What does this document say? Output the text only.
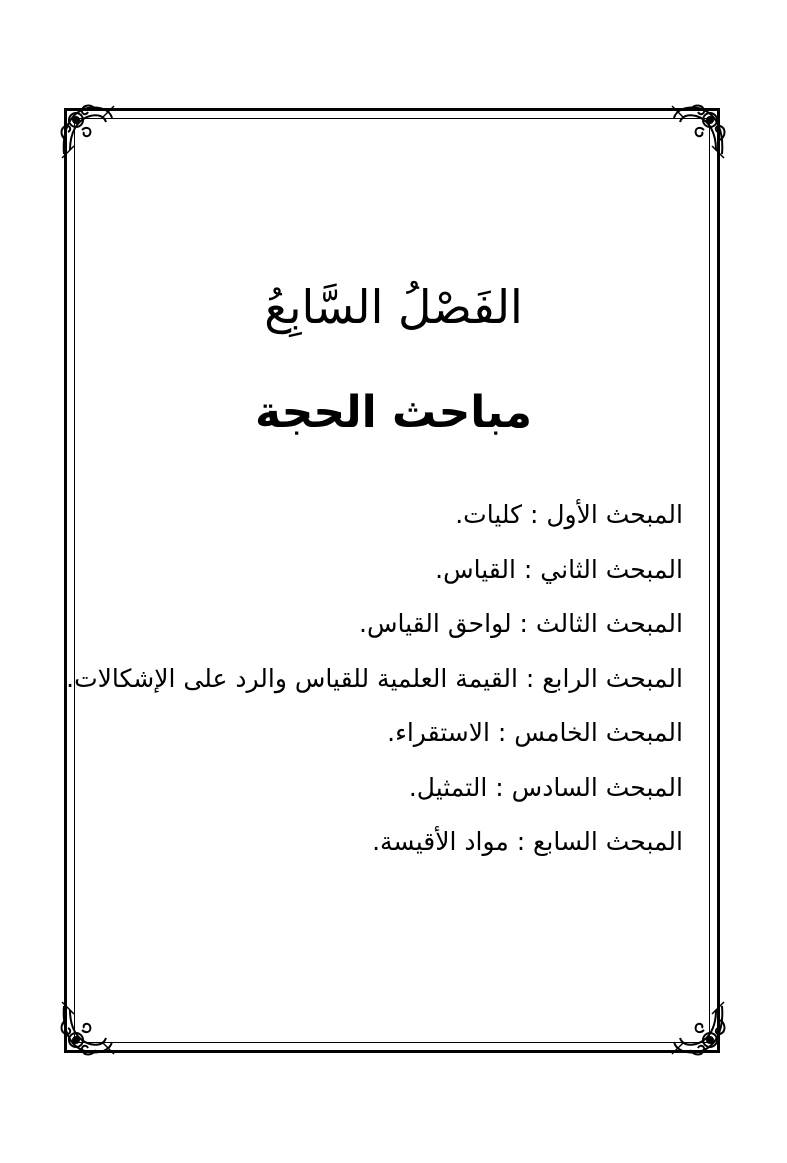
الفَصْلُ السَّابِعُ
مباحث الحجة
المبحث الأول : كليات.
المبحث الثاني : القياس.
المبحث الثالث : لواحق القياس.
المبحث الرابع : القيمة العلمية للقياس والرد على الإشكالات.
المبحث الخامس : الاستقراء.
المبحث السادس : التمثيل.
المبحث السابع : مواد الأقيسة.
